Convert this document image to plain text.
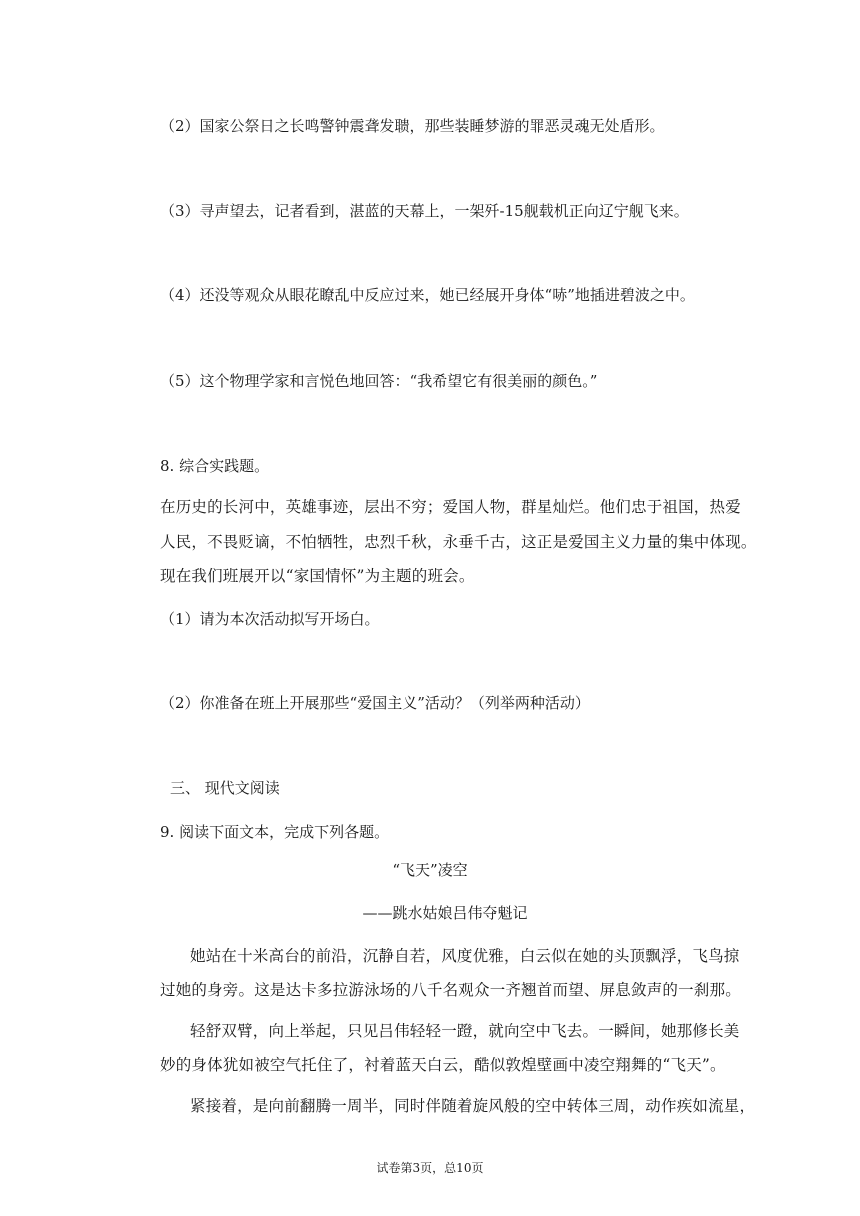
（2）国家公祭日之长鸣警钟震聋发聩，那些装睡梦游的罪恶灵魂无处盾形。
（3）寻声望去，记者看到，湛蓝的天幕上，一架歼-15舰载机正向辽宁舰飞来。
（4）还没等观众从眼花瞭乱中反应过来，她已经展开身体“哧”地插进碧波之中。
（5）这个物理学家和言悦色地回答：“我希望它有很美丽的颜色。”
8. 综合实践题。
在历史的长河中，英雄事迹，层出不穷；爱国人物，群星灿烂。他们忠于祖国，热爱
人民，不畏贬谪，不怕牺牲，忠烈千秋，永垂千古，这正是爱国主义力量的集中体现。
现在我们班展开以“家国情怀”为主题的班会。
（1）请为本次活动拟写开场白。
（2）你准备在班上开展那些“爱国主义”活动？（列举两种活动）
三、 现代文阅读
9. 阅读下面文本，完成下列各题。
“飞天”凌空
——跳水姑娘吕伟夺魁记
她站在十米高台的前沿，沉静自若，风度优雅，白云似在她的头顶飘浮，飞鸟掠
过她的身旁。这是达卡多拉游泳场的八千名观众一齐翘首而望、屏息敛声的一刹那。
轻舒双臂，向上举起，只见吕伟轻轻一蹬，就向空中飞去。一瞬间，她那修长美
妙的身体犹如被空气托住了，衬着蓝天白云，酷似敦煌壁画中凌空翔舞的“飞天”。
紧接着，是向前翻腾一周半，同时伴随着旋风般的空中转体三周，动作疾如流星，
试卷第3页，总10页
